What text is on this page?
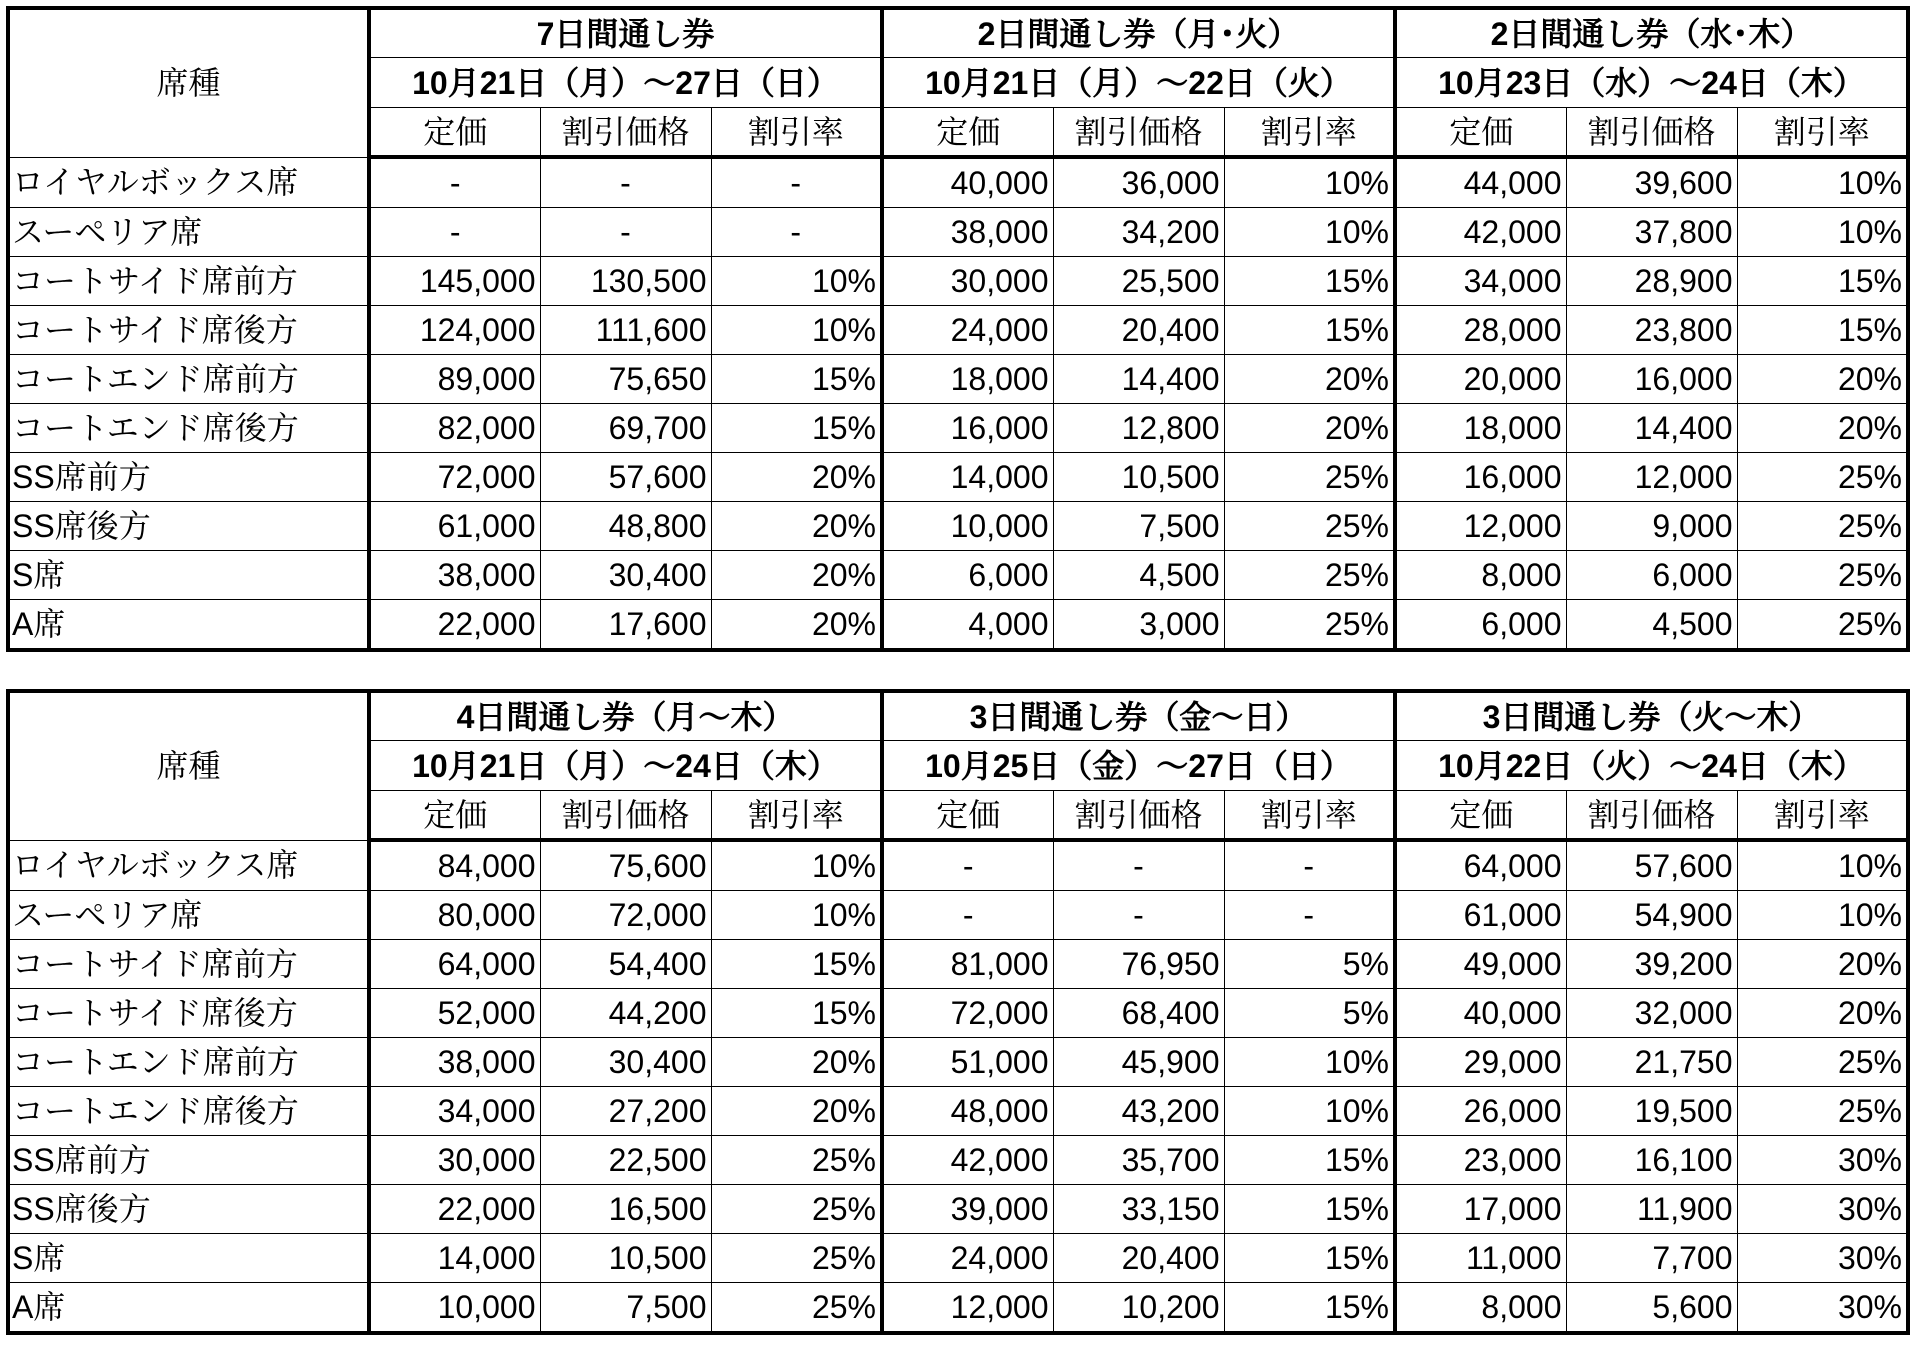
席種	7日間通し券			2日間通し券（月･火）			2日間通し券（水･木）		
	10月21日（月）～27日（日）			10月21日（月）～22日（火）			10月23日（水）～24日（木）		
	定価	割引価格	割引率	定価	割引価格	割引率	定価	割引価格	割引率
ロイヤルボックス席	-	-	-	40,000	36,000	10%	44,000	39,600	10%
スーペリア席	-	-	-	38,000	34,200	10%	42,000	37,800	10%
コートサイド席前方	145,000	130,500	10%	30,000	25,500	15%	34,000	28,900	15%
コートサイド席後方	124,000	111,600	10%	24,000	20,400	15%	28,000	23,800	15%
コートエンド席前方	89,000	75,650	15%	18,000	14,400	20%	20,000	16,000	20%
コートエンド席後方	82,000	69,700	15%	16,000	12,800	20%	18,000	14,400	20%
SS席前方	72,000	57,600	20%	14,000	10,500	25%	16,000	12,000	25%
SS席後方	61,000	48,800	20%	10,000	7,500	25%	12,000	9,000	25%
S席	38,000	30,400	20%	6,000	4,500	25%	8,000	6,000	25%
A席	22,000	17,600	20%	4,000	3,000	25%	6,000	4,500	25%
席種	4日間通し券（月～木）			3日間通し券（金～日）			3日間通し券（火～木）		
	10月21日（月）～24日（木）			10月25日（金）～27日（日）			10月22日（火）～24日（木）		
	定価	割引価格	割引率	定価	割引価格	割引率	定価	割引価格	割引率
ロイヤルボックス席	84,000	75,600	10%	-	-	-	64,000	57,600	10%
スーペリア席	80,000	72,000	10%	-	-	-	61,000	54,900	10%
コートサイド席前方	64,000	54,400	15%	81,000	76,950	5%	49,000	39,200	20%
コートサイド席後方	52,000	44,200	15%	72,000	68,400	5%	40,000	32,000	20%
コートエンド席前方	38,000	30,400	20%	51,000	45,900	10%	29,000	21,750	25%
コートエンド席後方	34,000	27,200	20%	48,000	43,200	10%	26,000	19,500	25%
SS席前方	30,000	22,500	25%	42,000	35,700	15%	23,000	16,100	30%
SS席後方	22,000	16,500	25%	39,000	33,150	15%	17,000	11,900	30%
S席	14,000	10,500	25%	24,000	20,400	15%	11,000	7,700	30%
A席	10,000	7,500	25%	12,000	10,200	15%	8,000	5,600	30%
